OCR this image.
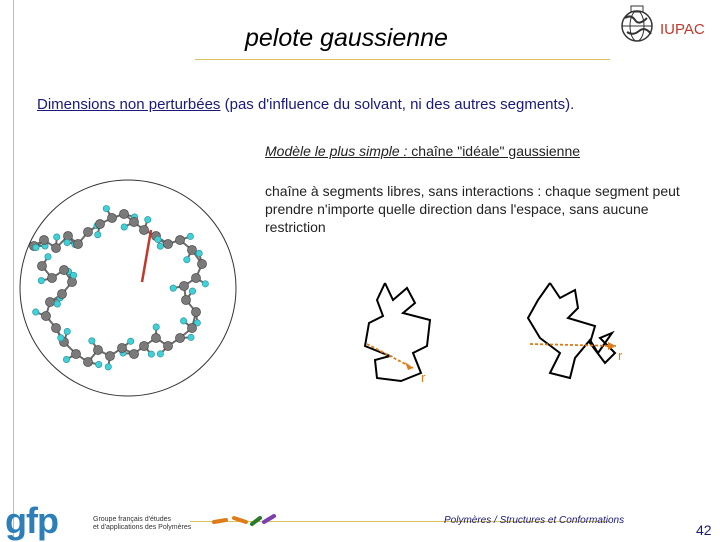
pelote gaussienne	IUPAC
Dimensions non perturbées (pas d'influence du solvant, ni des autres segments).
Modèle le plus simple : chaîne "idéale" gaussienne
chaîne à segments libres, sans interactions : chaque segment peut prendre n'importe quelle direction dans l'espace, sans aucune restriction
r
r
gfp	Groupe français d'études
et d'applications des Polymères
Polymères / Structures et Conformations
42
